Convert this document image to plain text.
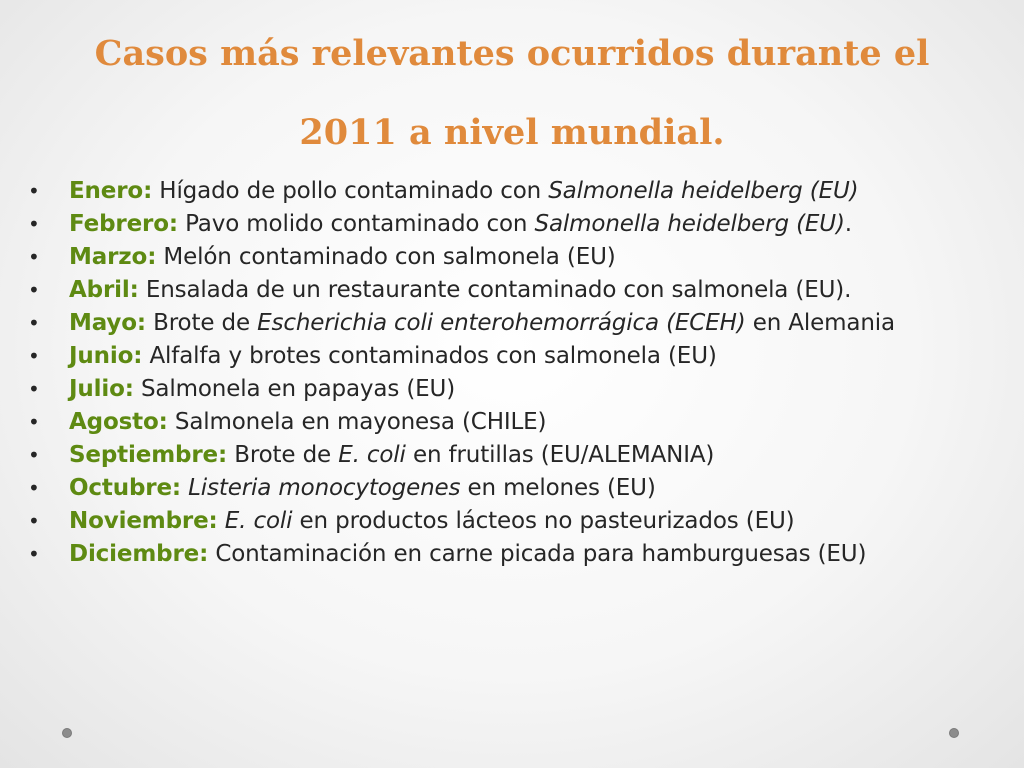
Casos más relevantes ocurridos durante el
2011 a nivel mundial.
• Enero: Hígado de pollo contaminado con Salmonella heidelberg (EU)
• Febrero: Pavo molido contaminado con Salmonella heidelberg (EU).
• Marzo: Melón contaminado con salmonela (EU)
• Abril: Ensalada de un restaurante contaminado con salmonela (EU).
• Mayo: Brote de Escherichia coli enterohemorrágica (ECEH) en Alemania
• Junio: Alfalfa y brotes contaminados con salmonela (EU)
• Julio: Salmonela en papayas (EU)
• Agosto: Salmonela en mayonesa (CHILE)
• Septiembre: Brote de E. coli en frutillas (EU/ALEMANIA)
• Octubre: Listeria monocytogenes en melones (EU)
• Noviembre: E. coli en productos lácteos no pasteurizados (EU)
• Diciembre: Contaminación en carne picada para hamburguesas (EU)
